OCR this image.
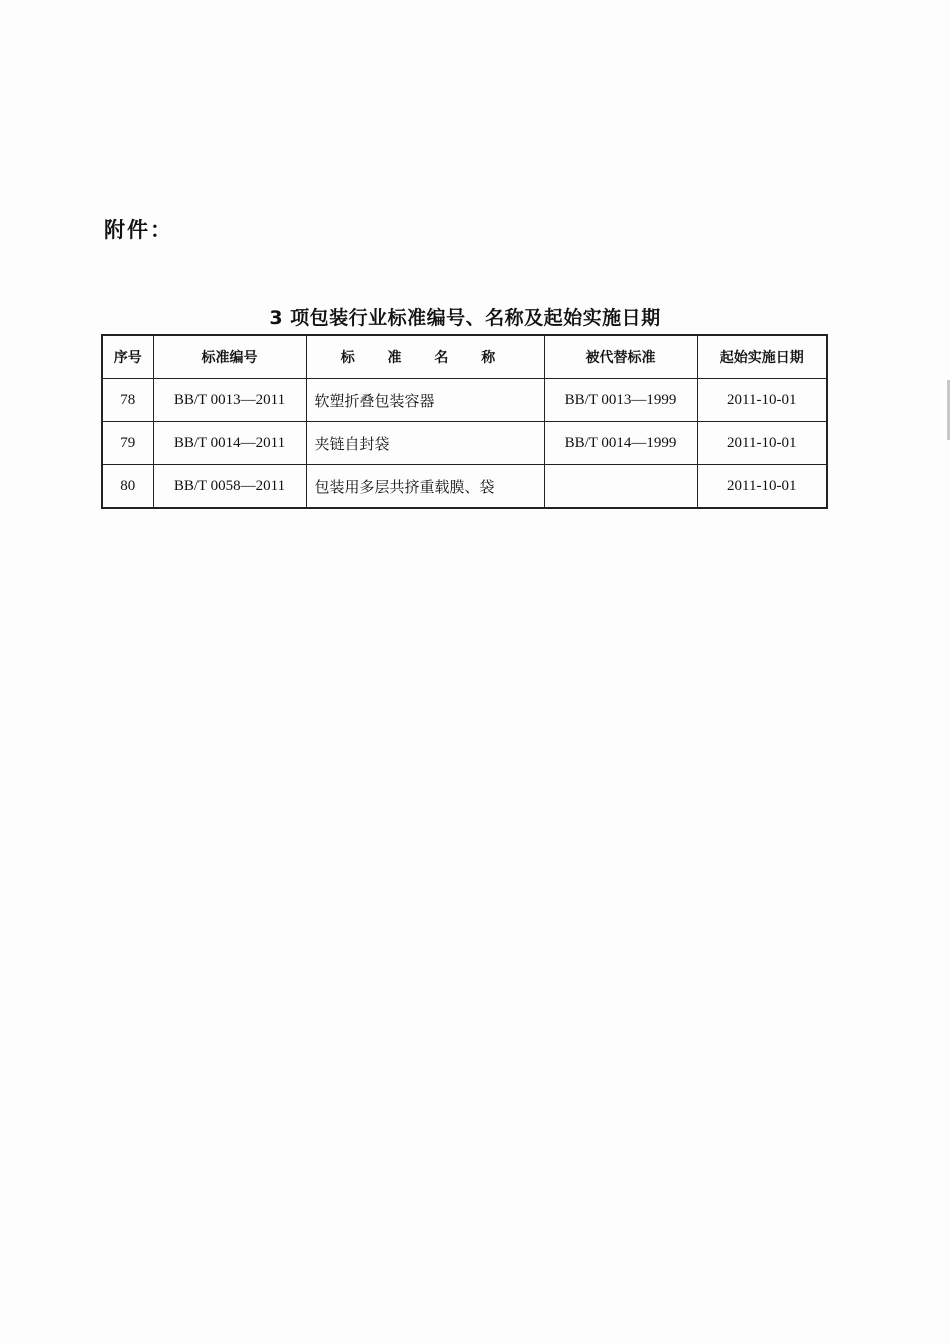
附件：
3 项包装行业标准编号、名称及起始实施日期
序号	标准编号	标 准 名 称	被代替标准	起始实施日期
78	BB/T 0013—2011	软塑折叠包装容器	BB/T 0013—1999	2011-10-01
79	BB/T 0014—2011	夹链自封袋	BB/T 0014—1999	2011-10-01
80	BB/T 0058—2011	包装用多层共挤重载膜、袋		2011-10-01
